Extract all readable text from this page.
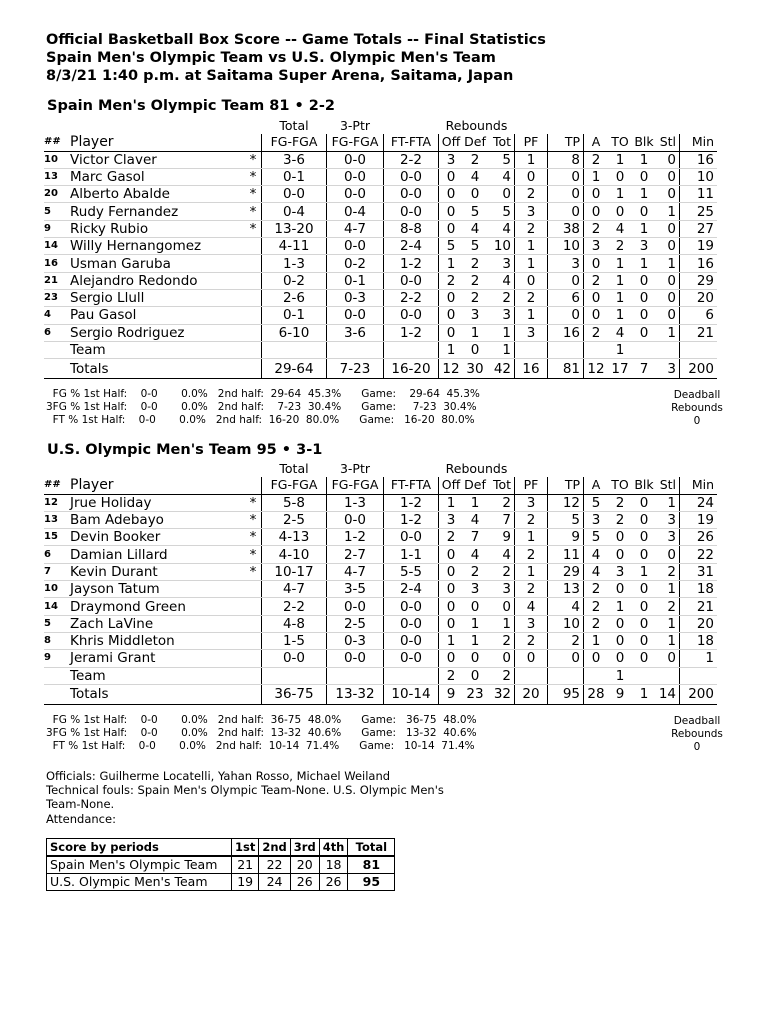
Official Basketball Box Score -- Game Totals -- Final Statistics
Spain Men's Olympic Team vs U.S. Olympic Men's Team
8/3/21 1:40 p.m. at Saitama Super Arena, Saitama, Japan
Spain Men's Olympic Team 81 • 2-2
			Total	3-Ptr		Rebounds									
##	Player		FG-FGA	FG-FGA	FT-FTA	Off	Def	Tot	PF	TP	A	TO	Blk	Stl	Min
10	Victor Claver	*	3-6	0-0	2-2	3	2	5	1	8	2	1	1	0	16
13	Marc Gasol	*	0-1	0-0	0-0	0	4	4	0	0	1	0	0	0	10
20	Alberto Abalde	*	0-0	0-0	0-0	0	0	0	2	0	0	1	1	0	11
5	Rudy Fernandez	*	0-4	0-4	0-0	0	5	5	3	0	0	0	0	1	25
9	Ricky Rubio	*	13-20	4-7	8-8	0	4	4	2	38	2	4	1	0	27
14	Willy Hernangomez		4-11	0-0	2-4	5	5	10	1	10	3	2	3	0	19
16	Usman Garuba		1-3	0-2	1-2	1	2	3	1	3	0	1	1	1	16
21	Alejandro Redondo		0-2	0-1	0-0	2	2	4	0	0	2	1	0	0	29
23	Sergio Llull		2-6	0-3	2-2	0	2	2	2	6	0	1	0	0	20
4	Pau Gasol		0-1	0-0	0-0	0	3	3	1	0	0	1	0	0	6
6	Sergio Rodriguez		6-10	3-6	1-2	0	1	1	3	16	2	4	0	1	21
	Team					1	0	1				1			
	Totals		29-64	7-23	16-20	12	30	42	16	81	12	17	7	3	200
FG % 1st Half:    0-0       0.0%   2nd half:  29-64  45.3%      Game:    29-64  45.3%
3FG % 1st Half:    0-0       0.0%   2nd half:    7-23  30.4%      Game:     7-23  30.4%
FT % 1st Half:    0-0       0.0%   2nd half:  16-20  80.0%      Game:   16-20  80.0%
Deadball
Rebounds
0
U.S. Olympic Men's Team 95 • 3-1
			Total	3-Ptr		Rebounds									
##	Player		FG-FGA	FG-FGA	FT-FTA	Off	Def	Tot	PF	TP	A	TO	Blk	Stl	Min
12	Jrue Holiday	*	5-8	1-3	1-2	1	1	2	3	12	5	2	0	1	24
13	Bam Adebayo	*	2-5	0-0	1-2	3	4	7	2	5	3	2	0	3	19
15	Devin Booker	*	4-13	1-2	0-0	2	7	9	1	9	5	0	0	3	26
6	Damian Lillard	*	4-10	2-7	1-1	0	4	4	2	11	4	0	0	0	22
7	Kevin Durant	*	10-17	4-7	5-5	0	2	2	1	29	4	3	1	2	31
10	Jayson Tatum		4-7	3-5	2-4	0	3	3	2	13	2	0	0	1	18
14	Draymond Green		2-2	0-0	0-0	0	0	0	4	4	2	1	0	2	21
5	Zach LaVine		4-8	2-5	0-0	0	1	1	3	10	2	0	0	1	20
8	Khris Middleton		1-5	0-3	0-0	1	1	2	2	2	1	0	0	1	18
9	Jerami Grant		0-0	0-0	0-0	0	0	0	0	0	0	0	0	0	1
	Team					2	0	2				1			
	Totals		36-75	13-32	10-14	9	23	32	20	95	28	9	1	14	200
FG % 1st Half:    0-0       0.0%   2nd half:  36-75  48.0%      Game:   36-75  48.0%
3FG % 1st Half:    0-0       0.0%   2nd half:  13-32  40.6%      Game:   13-32  40.6%
FT % 1st Half:    0-0       0.0%   2nd half:  10-14  71.4%      Game:   10-14  71.4%
Deadball
Rebounds
0
Officials: Guilherme Locatelli, Yahan Rosso, Michael Weiland
Technical fouls: Spain Men's Olympic Team-None. U.S. Olympic Men's Team-None.
Attendance:
Score by periods	1st	2nd	3rd	4th	Total
Spain Men's Olympic Team	21	22	20	18	81
U.S. Olympic Men's Team	19	24	26	26	95
